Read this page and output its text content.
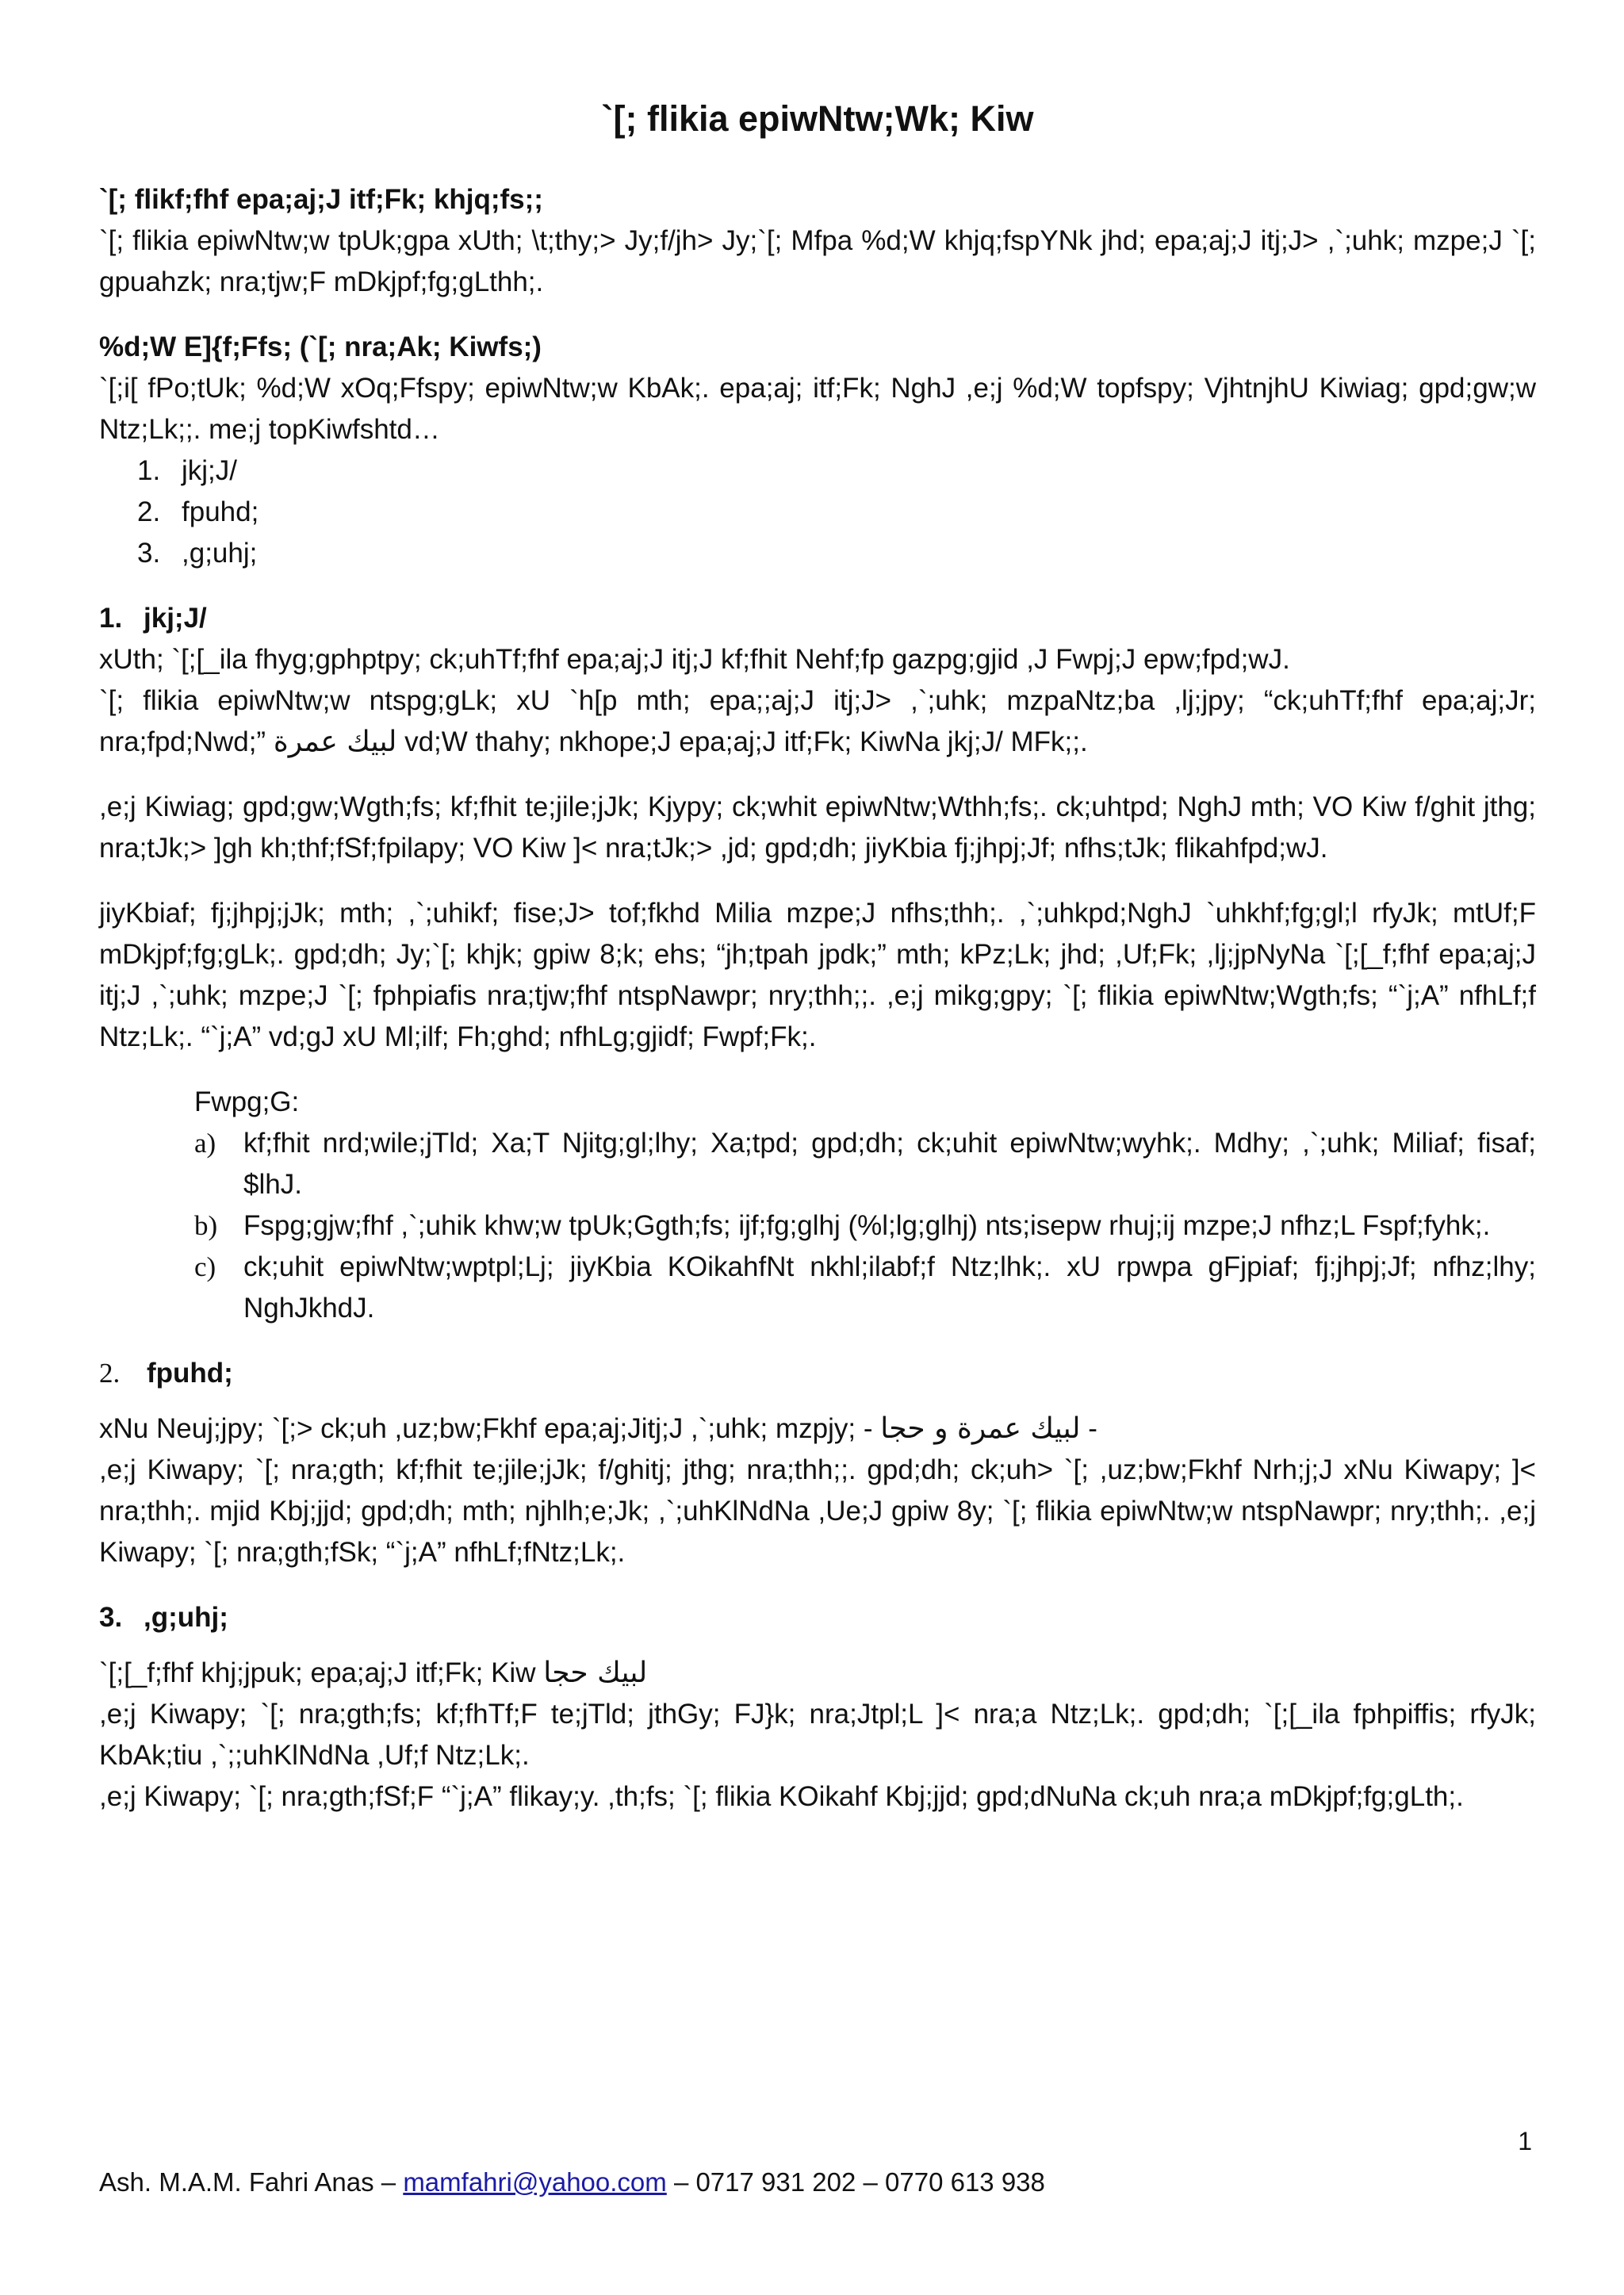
`[; flikia epiwNtw;Wk; Kiw
`[; flikf;fhf epa;aj;J itf;Fk; khjq;fs;;

`[; flikia epiwNtw;w tpUk;gpa xUth; \t;thy;> Jy;f/jh> Jy;`[; Mfpa %d;W khjq;fspYNk jhd; epa;aj;J itj;J> ,`;uhk; mzpe;J `[; gpuahzk; nra;tjw;F mDkjpf;fg;gLthh;.

%d;W E]{f;Ffs; (`[; nra;Ak; Kiwfs;)

`[;i[ fPo;tUk; %d;W xOq;Ffspy; epiwNtw;w KbAk;. epa;aj; itf;Fk; NghJ ,e;j %d;W topfspy; VjhtnjhU Kiwiag; gpd;gw;w Ntz;Lk;;. me;j topKiwfshtd…

1. jkj;J/
2. fpuhd;
3. ,g;uhj;
1. jkj;J/

xUth; `[;[_ila fhyg;gphptpy; ck;uhTf;fhf epa;aj;J itj;J kf;fhit Nehf;fp gazpg;gjid ,J Fwpj;J epw;fpd;wJ.

`[; flikia epiwNtw;w ntspg;gLk; xU `h[p mth; epa;;aj;J itj;J> ,`;uhk; mzpaNtz;ba ,lj;jpy; “ck;uhTf;fhf epa;aj;Jr; nra;fpd;Nwd;” لبيك عمرة vd;W thahy; nkhope;J epa;aj;J itf;Fk; KiwNa jkj;J/ MFk;;.

,e;j Kiwiag; gpd;gw;Wgth;fs; kf;fhit te;jile;jJk; Kjypy; ck;whit epiwNtw;Wthh;fs;. ck;uhtpd; NghJ mth; VO Kiw f/ghit jthg; nra;tJk;> ]gh kh;thf;fSf;fpilapy; VO Kiw ]< nra;tJk;> ,jd; gpd;dh; jiyKbia fj;jhpj;Jf; nfhs;tJk; flikahfpd;wJ.

jiyKbiaf; fj;jhpj;jJk; mth; ,`;uhikf; fise;J> tof;fkhd Milia mzpe;J nfhs;thh;. ,`;uhkpd;NghJ `uhkhf;fg;gl;l rfyJk; mtUf;F mDkjpf;fg;gLk;. gpd;dh; Jy;`[; khjk; gpiw 8;k; ehs; “jh;tpah jpdk;” mth; kPz;Lk; jhd; ,Uf;Fk; ,lj;jpNyNa `[;[_f;fhf epa;aj;J itj;J ,`;uhk; mzpe;J `[; fphpiafis nra;tjw;fhf ntspNawpr; nry;thh;;. ,e;j mikg;gpy; `[; flikia epiwNtw;Wgth;fs; “`j;A” nfhLf;f Ntz;Lk;. “`j;A” vd;gJ xU Ml;ilf; Fh;ghd; nfhLg;gjidf; Fwpf;Fk;.

Fwpg;G:
a) kf;fhit nrd;wile;jTld; Xa;T Njitg;gl;lhy; Xa;tpd; gpd;dh; ck;uhit epiwNtw;wyhk;. Mdhy; ,`;uhk; Miliaf; fisaf; $lhJ.
b) Fspg;gjw;fhf ,`;uhik khw;w tpUk;Ggth;fs; ijf;fg;glhj (%l;lg;glhj) nts;isepw rhuj;ij mzpe;J nfhz;L Fspf;fyhk;.
c) ck;uhit epiwNtw;wptpl;Lj; jiyKbia KOikahfNt nkhl;ilabf;f Ntz;lhk;. xU rpwpa gFjpiaf; fj;jhpj;Jf; nfhz;lhy; NghJkhdJ.
2. fpuhd;

xNu Neuj;jpy; `[;> ck;uh ,uz;bw;Fkhf epa;aj;Jitj;J ,`;uhk; mzpjy; - لبيك عمرة و حجا -

,e;j Kiwapy; `[; nra;gth; kf;fhit te;jile;jJk; f/ghitj; jthg; nra;thh;;. gpd;dh; ck;uh> `[; ,uz;bw;Fkhf Nrh;j;J xNu Kiwapy; ]< nra;thh;. mjid Kbj;jjd; gpd;dh; mth; njhlh;e;Jk; ,`;uhKlNdNa ,Ue;J gpiw 8y; `[; flikia epiwNtw;w ntspNawpr; nry;thh;. ,e;j Kiwapy; `[; nra;gth;fSk; “`j;A” nfhLf;fNtz;Lk;.

3. ,g;uhj;

`[;[_f;fhf khj;jpuk; epa;aj;J itf;Fk; Kiw لبيك حجا

,e;j Kiwapy; `[; nra;gth;fs; kf;fhTf;F te;jTld; jthGy; FJ}k; nra;Jtpl;L ]< nra;a Ntz;Lk;. gpd;dh; `[;[_ila fphpiffis; rfyJk; KbAk;tiu ,`;;uhKlNdNa ,Uf;f Ntz;Lk;.

,e;j Kiwapy; `[; nra;gth;fSf;F “`j;A” flikay;y. ,th;fs; `[; flikia KOikahf Kbj;jjd; gpd;dNuNa ck;uh nra;a mDkjpf;fg;gLth;.

1
Ash. M.A.M. Fahri Anas – mamfahri@yahoo.com – 0717 931 202 – 0770 613 938
